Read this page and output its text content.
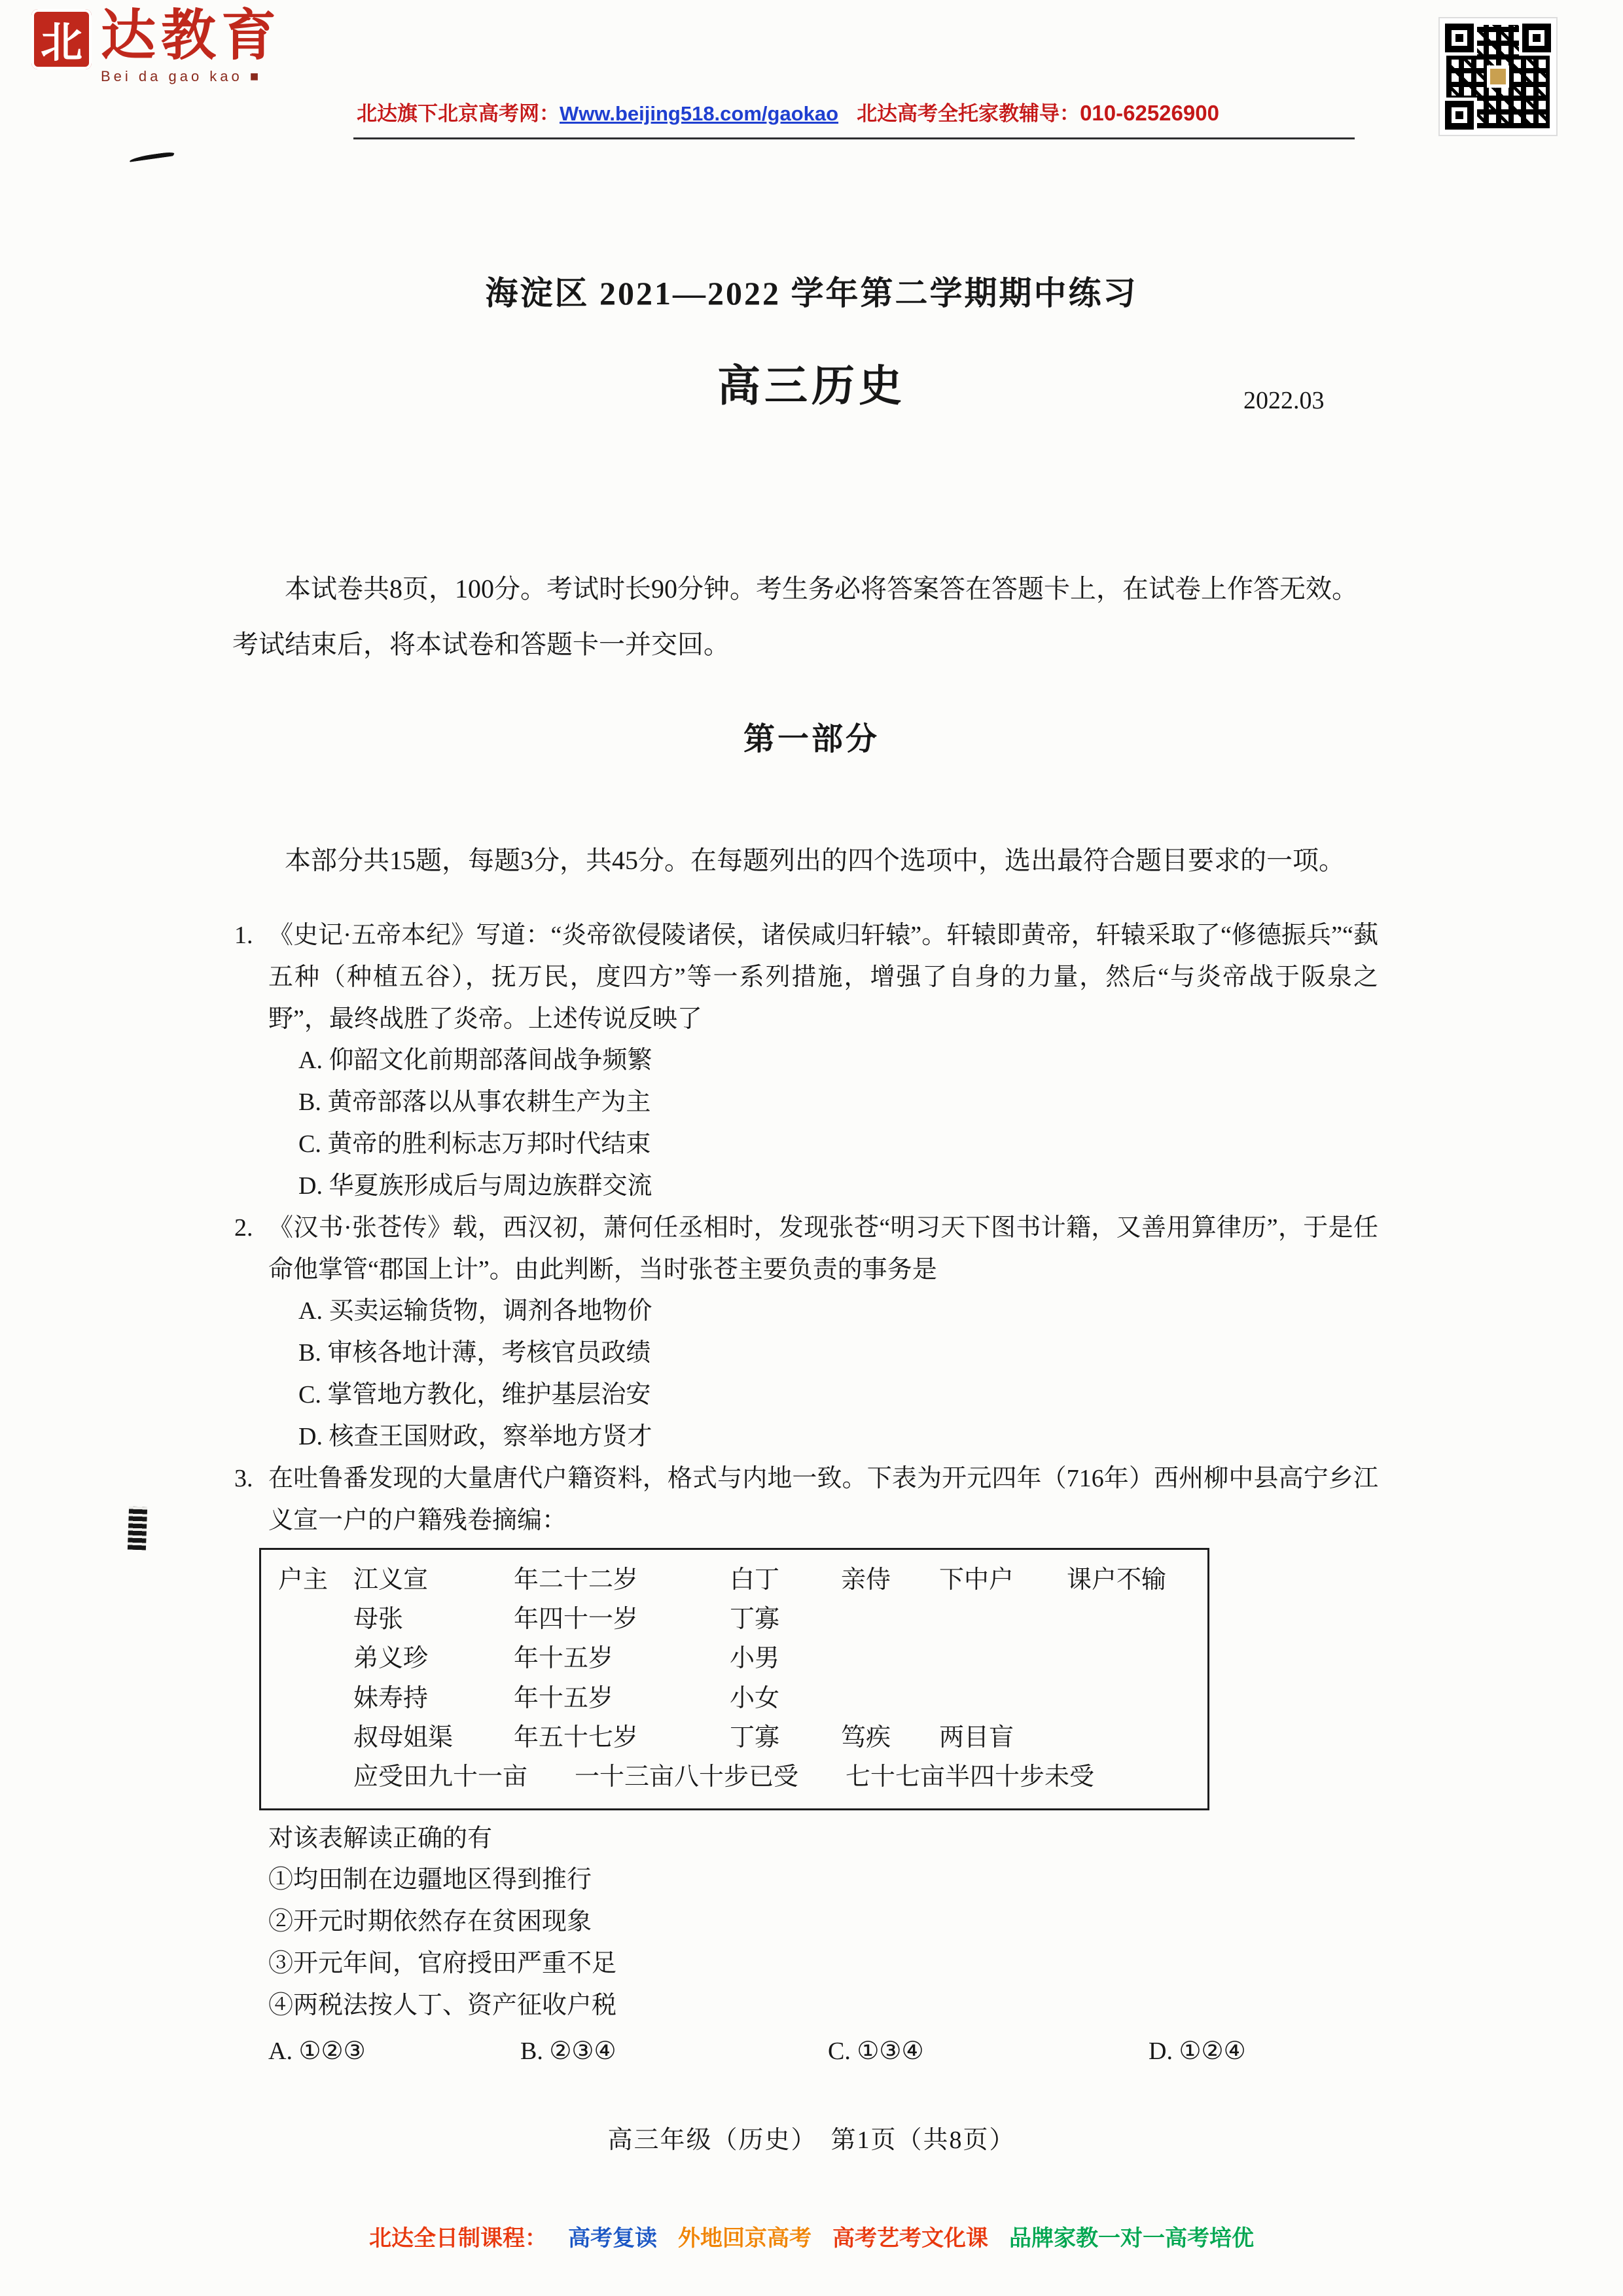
北 达教育
Bei da gao kao ■
北达旗下北京高考网：Www.beijing518.com/gaokao 北达高考全托家教辅导：010-62526900
海淀区 2021—2022 学年第二学期期中练习
高三历史	2022.03

本试卷共8页，100分。考试时长90分钟。考生务必将答案答在答题卡上，在试卷上作答无效。考试结束后，将本试卷和答题卡一并交回。

第一部分

本部分共15题，每题3分，共45分。在每题列出的四个选项中，选出最符合题目要求的一项。

1. 《史记·五帝本纪》写道：“炎帝欲侵陵诸侯，诸侯咸归轩辕”。轩辕即黄帝，轩辕采取了“修德振兵”“蓺五种（种植五谷），抚万民，度四方”等一系列措施，增强了自身的力量，然后“与炎帝战于阪泉之野”，最终战胜了炎帝。上述传说反映了

A. 仰韶文化前期部落间战争频繁
B. 黄帝部落以从事农耕生产为主
C. 黄帝的胜利标志万邦时代结束
D. 华夏族形成后与周边族群交流
2. 《汉书·张苍传》载，西汉初，萧何任丞相时，发现张苍“明习天下图书计籍，又善用算律历”，于是任命他掌管“郡国上计”。由此判断，当时张苍主要负责的事务是

A. 买卖运输货物，调剂各地物价
B. 审核各地计薄，考核官员政绩
C. 掌管地方教化，维护基层治安
D. 核查王国财政，察举地方贤才
3. 在吐鲁番发现的大量唐代户籍资料，格式与内地一致。下表为开元四年（716年）西州柳中县高宁乡江义宣一户的户籍残卷摘编：

户主	江义宣	年二十二岁	白丁	亲侍	下中户	课户不输
母张	年四十一岁	丁寡
弟义珍	年十五岁	小男
妹寿持	年十五岁	小女
叔母姐渠	年五十七岁	丁寡	笃疾	两目盲
应受田九十一亩 一十三亩八十步已受 七十七亩半四十步未受
对该表解读正确的有
①均田制在边疆地区得到推行
②开元时期依然存在贫困现象
③开元年间，官府授田严重不足
④两税法按人丁、资产征收户税
A. ①②③	B. ②③④	C. ①③④	D. ①②④
高三年级（历史）　第1页（共8页）
北达全日制课程： 高考复读 外地回京高考 高考艺考文化课 品牌家教一对一高考培优
